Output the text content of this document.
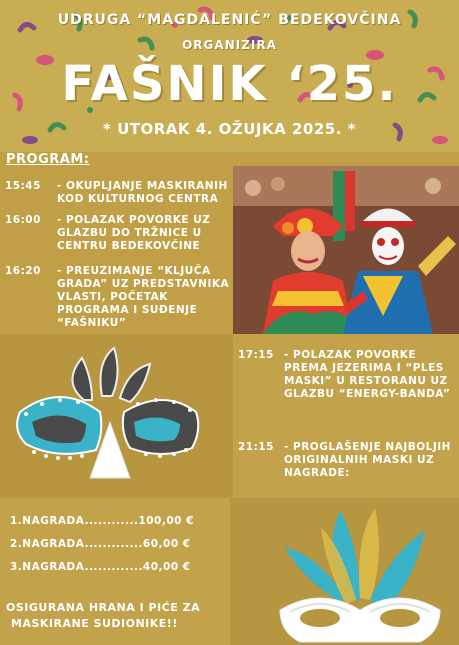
UDRUGA “MAGDALENIĆ” BEDEKOVČINA
ORGANIZIRA
FAŠNIK ‘25.
* UTORAK 4. OŽUJKA 2025. *
PROGRAM:
15:45 - OKUPLJANJE MASKIRANIH KOD KULTURNOG CENTRA
16:00 - POLAZAK POVORKE UZ GLAZBU DO TRŽNICE U CENTRU BEDEKOVČINE
16:20 - PREUZIMANJE “KLJUČA GRADA” UZ PREDSTAVNIKA VLASTI, POČETAK PROGRAMA I SUĐENJE “FAŠNIKU”
17:15 - POLAZAK POVORKE PREMA JEZERIMA I “PLES MASKI” U RESTORANU UZ GLAZBU “ENERGY-BANDA”
21:15 - PROGLAŠENJE NAJBOLJIH ORIGINALNIH MASKI UZ NAGRADE:
1.NAGRADA............100,00 €
2.NAGRADA.............60,00 €
3.NAGRADA.............40,00 €
OSIGURANA HRANA I PIĆE ZA
MASKIRANE SUDIONIKE!!
